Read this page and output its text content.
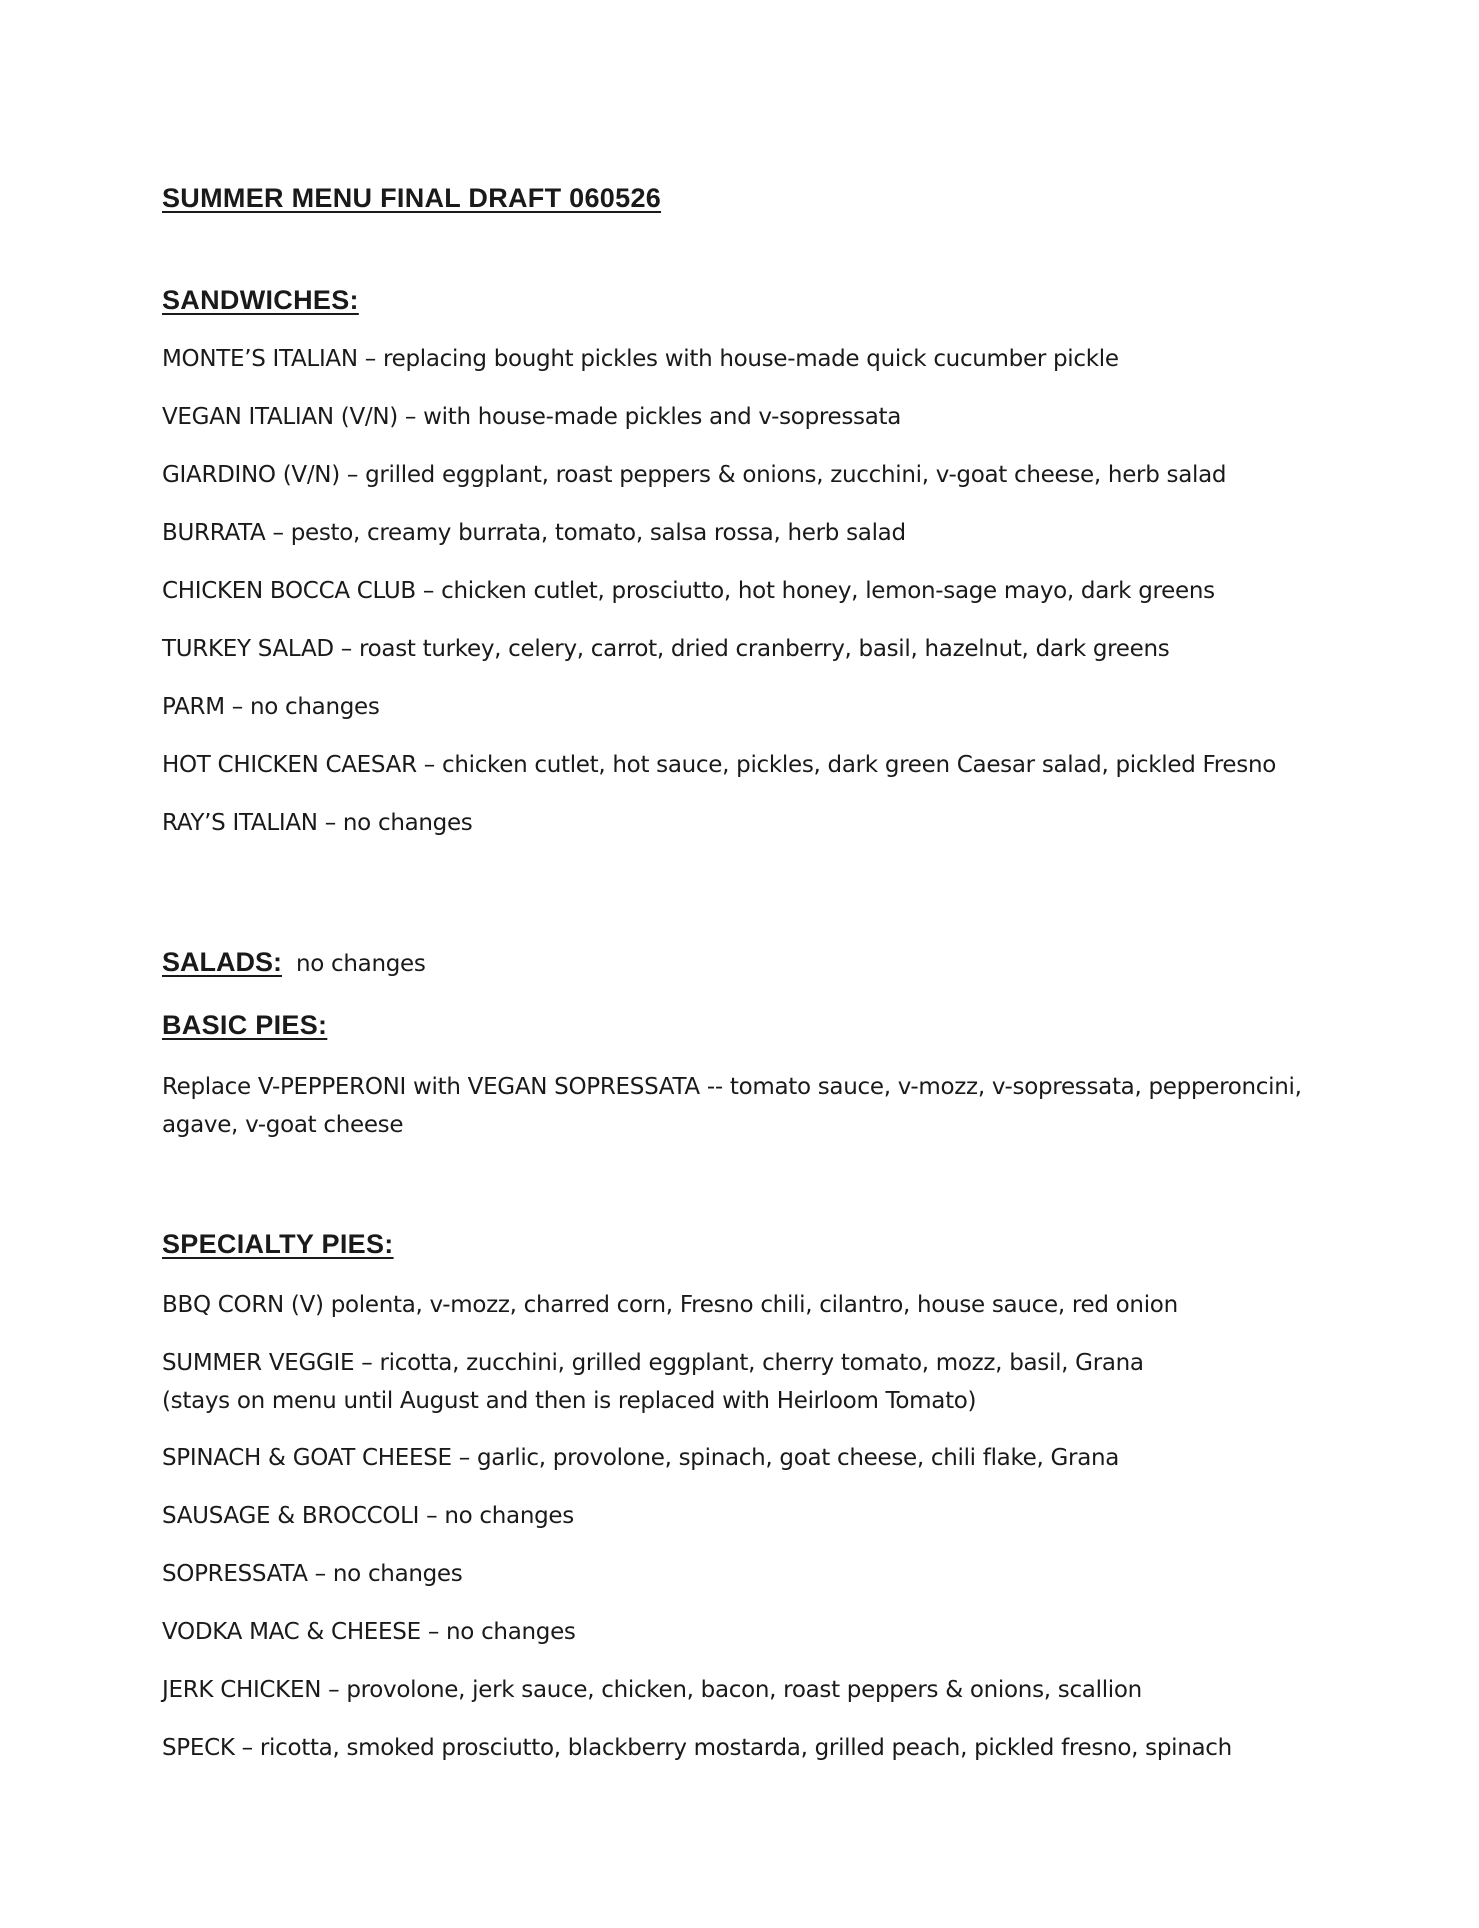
SUMMER MENU FINAL DRAFT 060526
SANDWICHES:
MONTE’S ITALIAN – replacing bought pickles with house-made quick cucumber pickle
VEGAN ITALIAN (V/N) – with house-made pickles and v-sopressata
GIARDINO (V/N) – grilled eggplant, roast peppers & onions, zucchini, v-goat cheese, herb salad
BURRATA – pesto, creamy burrata, tomato, salsa rossa, herb salad
CHICKEN BOCCA CLUB – chicken cutlet, prosciutto, hot honey, lemon-sage mayo, dark greens
TURKEY SALAD – roast turkey, celery, carrot, dried cranberry, basil, hazelnut, dark greens
PARM – no changes
HOT CHICKEN CAESAR – chicken cutlet, hot sauce, pickles, dark green Caesar salad, pickled Fresno
RAY’S ITALIAN – no changes
SALADS: no changes
BASIC PIES:
Replace V-PEPPERONI with VEGAN SOPRESSATA -- tomato sauce, v-mozz, v-sopressata, pepperoncini,
agave, v-goat cheese
SPECIALTY PIES:
BBQ CORN (V) polenta, v-mozz, charred corn, Fresno chili, cilantro, house sauce, red onion
SUMMER VEGGIE – ricotta, zucchini, grilled eggplant, cherry tomato, mozz, basil, Grana
(stays on menu until August and then is replaced with Heirloom Tomato)
SPINACH & GOAT CHEESE – garlic, provolone, spinach, goat cheese, chili flake, Grana
SAUSAGE & BROCCOLI – no changes
SOPRESSATA – no changes
VODKA MAC & CHEESE – no changes
JERK CHICKEN – provolone, jerk sauce, chicken, bacon, roast peppers & onions, scallion
SPECK – ricotta, smoked prosciutto, blackberry mostarda, grilled peach, pickled fresno, spinach
